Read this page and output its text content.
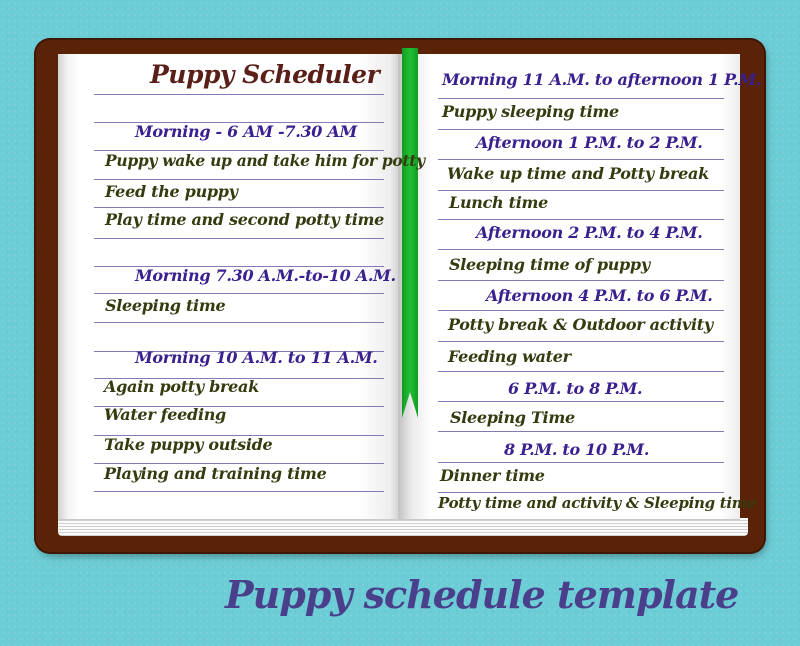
Puppy Scheduler
Morning - 6 AM -7.30 AM
Puppy wake up and take him for potty
Feed the puppy
Play time and second potty time
Morning 7.30 A.M.-to-10 A.M.
Sleeping time
Morning 10 A.M. to 11 A.M.
Again potty break
Water feeding
Take puppy outside
Playing and training time
Morning 11 A.M. to afternoon 1 P.M.
Puppy sleeping time
Afternoon 1 P.M. to 2 P.M.
Wake up time and Potty break
Lunch time
Afternoon 2 P.M. to 4 P.M.
Sleeping time of puppy
Afternoon 4 P.M. to 6 P.M.
Potty break & Outdoor activity
Feeding water
6 P.M. to 8 P.M.
Sleeping Time
8 P.M. to 10 P.M.
Dinner time
Potty time and activity & Sleeping time
Puppy schedule template
